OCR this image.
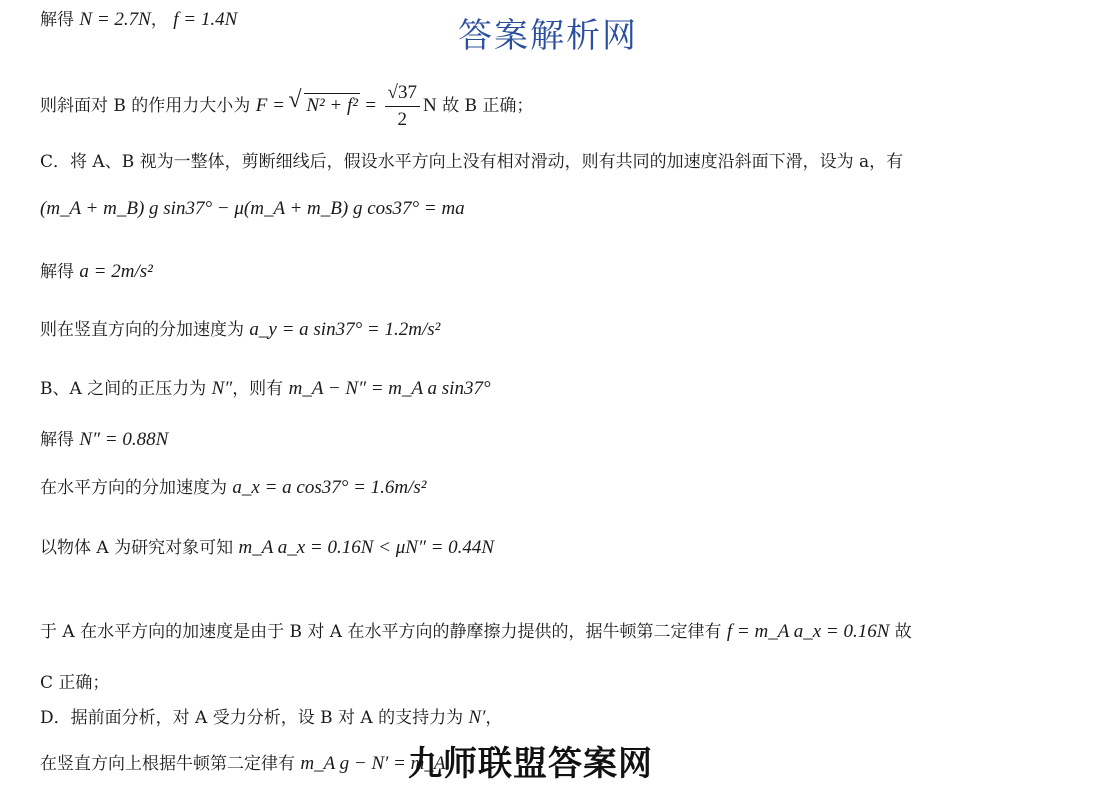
答案解析网
解得 N = 2.7N， f = 1.4N
则斜面对 B 的作用力大小为 F = √ $N^2 + f^2 = \frac{√37}{2}$ N 故 B 正确；
C．将 A、B 视为一整体，剪断细线后，假设水平方向上没有相对滑动，则有共同的加速度沿斜面下滑，设为 a，有
(m_A + m_B) g sin37° − μ(m_A + m_B) g cos37° = ma
解得 a = 2m/s²
则在竖直方向的分加速度为 a_y = a sin37° = 1.2m/s²
B、A 之间的正压力为 N″，则有 m_A − N″ = m_A a sin37°
解得 N″ = 0.88N
在水平方向的分加速度为 a_x = a cos37° = 1.6m/s²
以物体 A 为研究对象可知 m_A a_x = 0.16N < μN″ = 0.44N
于 A 在水平方向的加速度是由于 B 对 A 在水平方向的静摩擦力提供的，据牛顿第二定律有 f = m_A a_x = 0.16N 故
C 正确；
D．据前面分析，对 A 受力分析，设 B 对 A 的支持力为 N′，
在竖直方向上根据牛顿第二定律有 m_A g − N′ = m_A
九师联盟答案网
